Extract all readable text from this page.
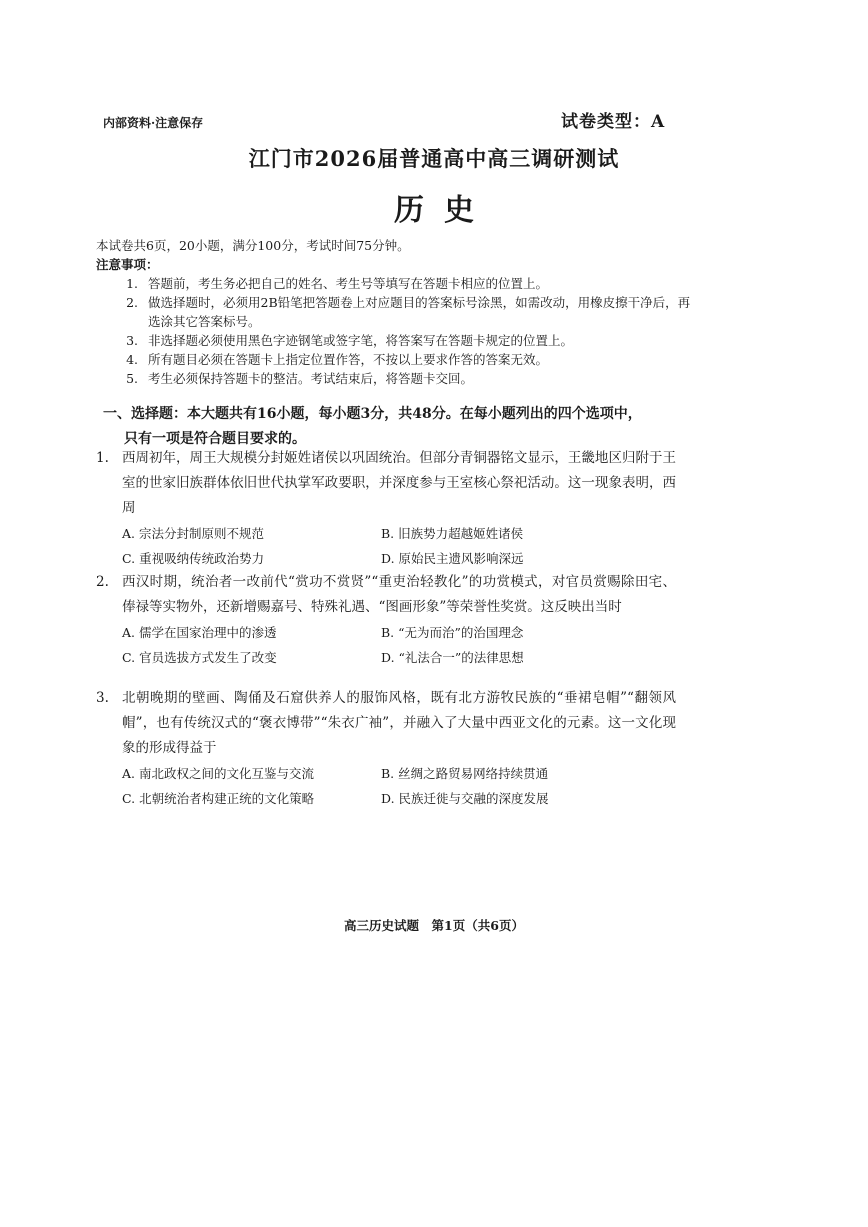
内部资料·注意保存	试卷类型：A
江门市2026届普通高中高三调研测试
历史
本试卷共6页，20小题，满分100分，考试时间75分钟。
注意事项：
1. 答题前，考生务必把自己的姓名、考生号等填写在答题卡相应的位置上。
2. 做选择题时，必须用2B铅笔把答题卷上对应题目的答案标号涂黑，如需改动，用橡皮擦干净后，再选涂其它答案标号。
3. 非选择题必须使用黑色字迹钢笔或签字笔，将答案写在答题卡规定的位置上。
4. 所有题目必须在答题卡上指定位置作答，不按以上要求作答的答案无效。
5. 考生必须保持答题卡的整洁。考试结束后，将答题卡交回。
一、选择题：本大题共有16小题，每小题3分，共48分。在每小题列出的四个选项中，
只有一项是符合题目要求的。
1. 西周初年，周王大规模分封姬姓诸侯以巩固统治。但部分青铜器铭文显示，王畿地区归附于王室的世家旧族群体依旧世代执掌军政要职，并深度参与王室核心祭祀活动。这一现象表明，西周
A. 宗法分封制原则不规范	B. 旧族势力超越姬姓诸侯
C. 重视吸纳传统政治势力	D. 原始民主遗风影响深远
2. 西汉时期，统治者一改前代“赏功不赏贤”“重吏治轻教化”的功赏模式，对官员赏赐除田宅、俸禄等实物外，还新增赐嘉号、特殊礼遇、“图画形象”等荣誉性奖赏。这反映出当时
A. 儒学在国家治理中的渗透	B. “无为而治”的治国理念
C. 官员选拔方式发生了改变	D. “礼法合一”的法律思想
3. 北朝晚期的壁画、陶俑及石窟供养人的服饰风格，既有北方游牧民族的“垂裙皂帽”“翻领风帽”，也有传统汉式的“褒衣博带”“朱衣广袖”，并融入了大量中西亚文化的元素。这一文化现象的形成得益于
A. 南北政权之间的文化互鉴与交流	B. 丝绸之路贸易网络持续贯通
C. 北朝统治者构建正统的文化策略	D. 民族迁徙与交融的深度发展
高三历史试题　第1页（共6页）
